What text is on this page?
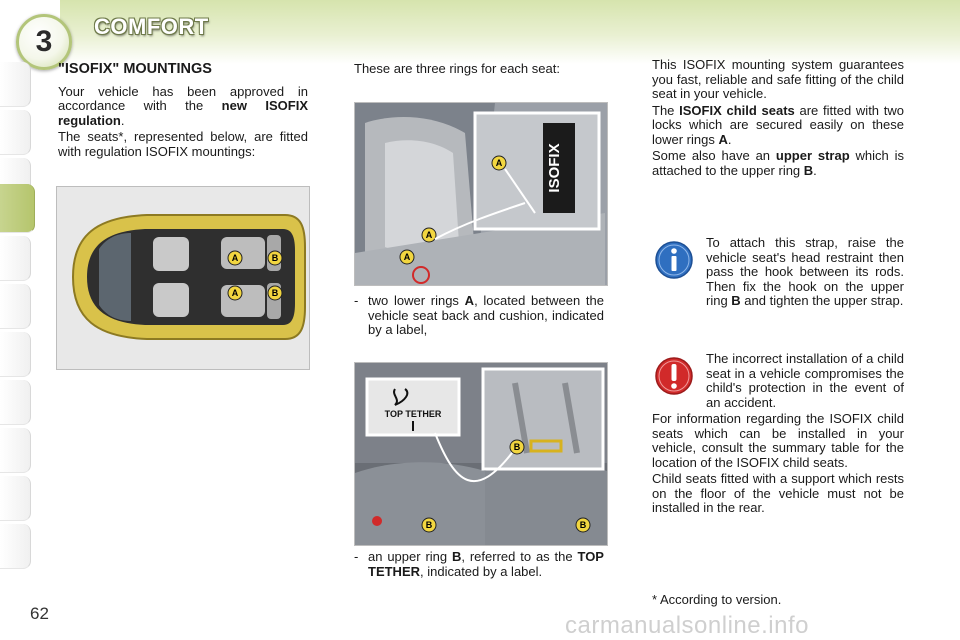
3 COMFORT
"ISOFIX" MOUNTINGS

Your vehicle has been approved in accordance with the new ISOFIX regulation.

The seats*, represented below, are fitted with regulation ISOFIX mountings:

A	B
A	B

These are three rings for each seat:

ISOFIX
A
A
A
- two lower rings A, located between the vehicle seat back and cushion, indicated by a label,
TOP TETHER
B
B	B
- an upper ring B, referred to as the TOP TETHER, indicated by a label.

This ISOFIX mounting system guarantees you fast, reliable and safe fitting of the child seat in your vehicle.

The ISOFIX child seats are fitted with two locks which are secured easily on these lower rings A.

Some also have an upper strap which is attached to the upper ring B.

To attach this strap, raise the vehicle seat's head restraint then pass the hook between its rods. Then fix the hook on the upper ring B and tighten the upper strap.

The incorrect installation of a child seat in a vehicle compromises the child's protection in the event of an accident.

For information regarding the ISOFIX child seats which can be installed in your vehicle, consult the summary table for the location of the ISOFIX child seats.

Child seats fitted with a support which rests on the floor of the vehicle must not be installed in the rear.

* According to version.
62	carmanualsonline.info
